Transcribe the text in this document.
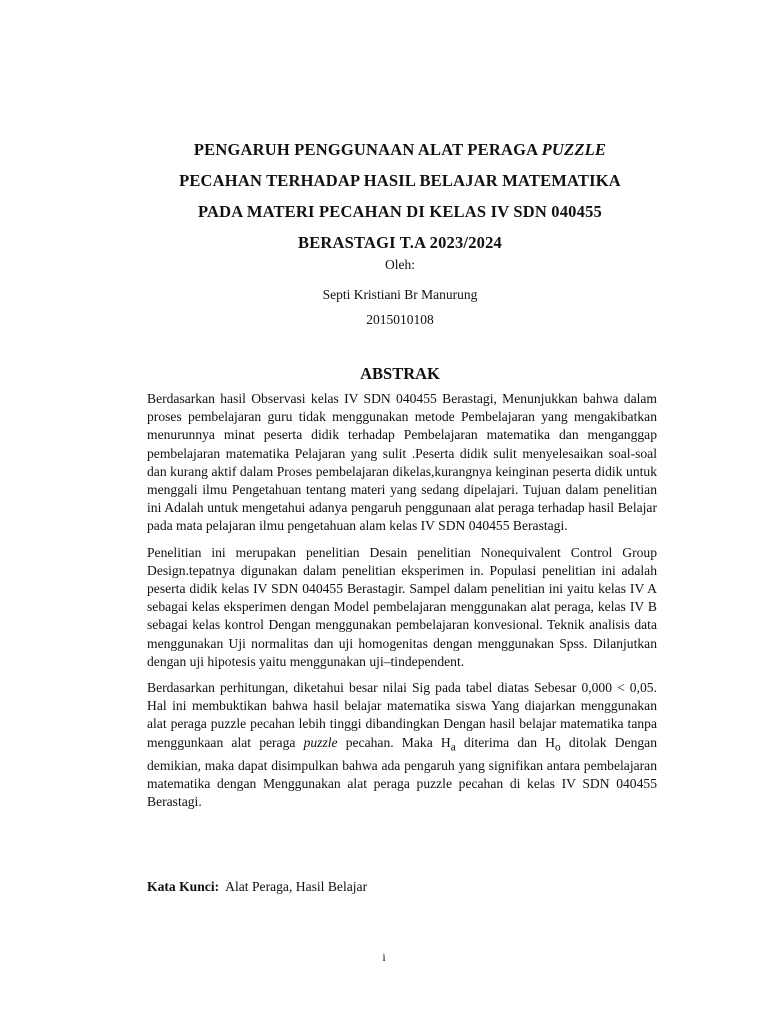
PENGARUH PENGGUNAAN ALAT PERAGA PUZZLE

PECAHAN TERHADAP HASIL BELAJAR MATEMATIKA

PADA MATERI PECAHAN DI KELAS IV SDN 040455

BERASTAGI T.A 2023/2024

Oleh:

Septi Kristiani Br Manurung

2015010108

ABSTRAK

Berdasarkan hasil Observasi kelas IV SDN 040455 Berastagi, Menunjukkan bahwa dalam proses pembelajaran guru tidak menggunakan metode Pembelajaran yang mengakibatkan menurunnya minat peserta didik terhadap Pembelajaran matematika dan menganggap pembelajaran matematika Pelajaran yang sulit .Peserta didik sulit menyelesaikan soal-soal dan kurang aktif dalam Proses pembelajaran dikelas,kurangnya keinginan peserta didik untuk menggali ilmu Pengetahuan tentang materi yang sedang dipelajari. Tujuan dalam penelitian ini Adalah untuk mengetahui adanya pengaruh penggunaan alat peraga terhadap hasil Belajar pada mata pelajaran ilmu pengetahuan alam kelas IV SDN 040455 Berastagi.

Penelitian ini merupakan penelitian Desain penelitian Nonequivalent Control Group Design.tepatnya digunakan dalam penelitian eksperimen in. Populasi penelitian ini adalah peserta didik kelas IV SDN 040455 Berastagir. Sampel dalam penelitian ini yaitu kelas IV A sebagai kelas eksperimen dengan Model pembelajaran menggunakan alat peraga, kelas IV B sebagai kelas kontrol Dengan menggunakan pembelajaran konvesional. Teknik analisis data menggunakan Uji normalitas dan uji homogenitas dengan menggunakan Spss. Dilanjutkan dengan uji hipotesis yaitu menggunakan uji–tindependent.

Berdasarkan perhitungan, diketahui besar nilai Sig pada tabel diatas Sebesar 0,000 < 0,05. Hal ini membuktikan bahwa hasil belajar matematika siswa Yang diajarkan menggunakan alat peraga puzzle pecahan lebih tinggi dibandingkan Dengan hasil belajar matematika tanpa menggunkaan alat peraga puzzle pecahan. Maka $H_a$ diterima dan $H_o$ ditolak Dengan demikian, maka dapat disimpulkan bahwa ada pengaruh yang signifikan antara pembelajaran matematika dengan Menggunakan alat peraga puzzle pecahan di kelas IV SDN 040455 Berastagi.

Kata Kunci: Alat Peraga, Hasil Belajar

i
